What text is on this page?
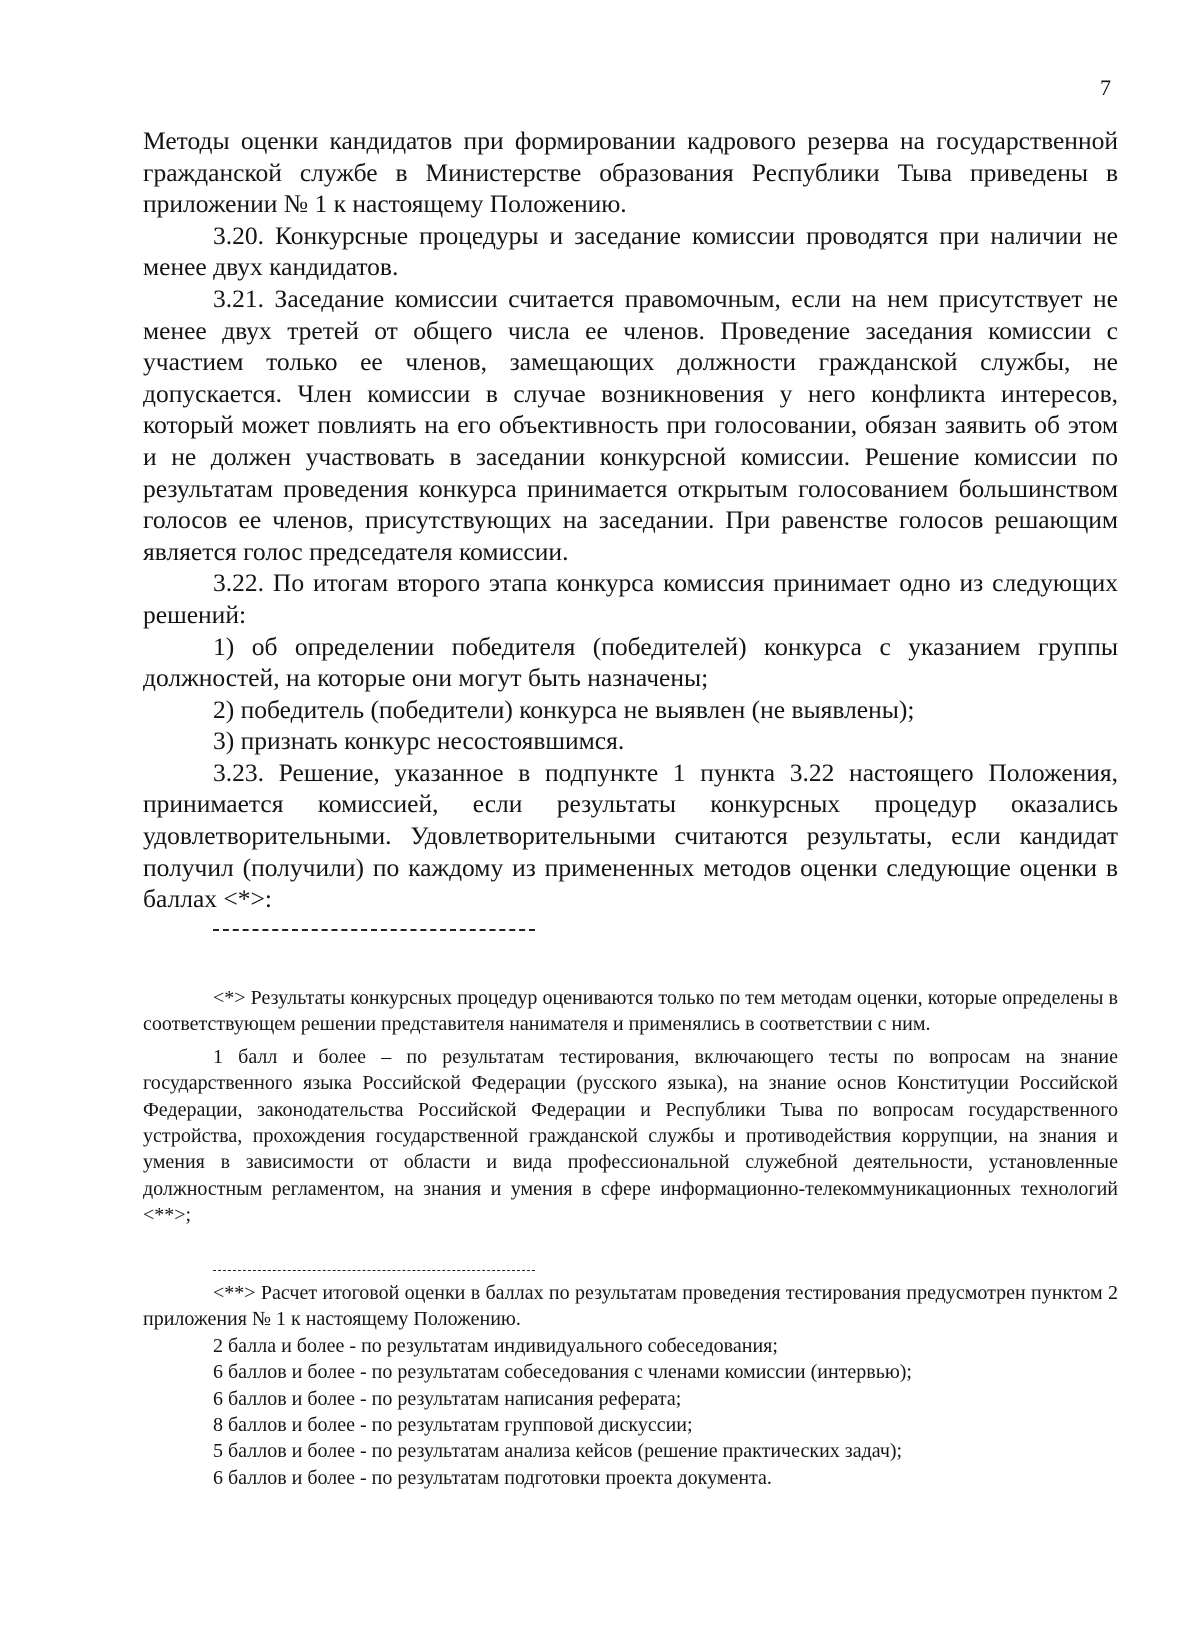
7

Методы оценки кандидатов при формировании кадрового резерва на государственной гражданской службе в Министерстве образования Республики Тыва приведены в приложении № 1 к настоящему Положению.

3.20. Конкурсные процедуры и заседание комиссии проводятся при наличии не менее двух кандидатов.

3.21. Заседание комиссии считается правомочным, если на нем присутствует не менее двух третей от общего числа ее членов. Проведение заседания комиссии с участием только ее членов, замещающих должности гражданской службы, не допускается. Член комиссии в случае возникновения у него конфликта интересов, который может повлиять на его объективность при голосовании, обязан заявить об этом и не должен участвовать в заседании конкурсной комиссии. Решение комиссии по результатам проведения конкурса принимается открытым голосованием большинством голосов ее членов, присутствующих на заседании. При равенстве голосов решающим является голос председателя комиссии.

3.22. По итогам второго этапа конкурса комиссия принимает одно из следующих решений:

1) об определении победителя (победителей) конкурса с указанием группы должностей, на которые они могут быть назначены;

2) победитель (победители) конкурса не выявлен (не выявлены);

3) признать конкурс несостоявшимся.

3.23. Решение, указанное в подпункте 1 пункта 3.22 настоящего Положения, принимается комиссией, если результаты конкурсных процедур оказались удовлетворительными. Удовлетворительными считаются результаты, если кандидат получил (получили) по каждому из примененных методов оценки следующие оценки в баллах <*>:

<*> Результаты конкурсных процедур оцениваются только по тем методам оценки, которые определены в соответствующем решении представителя нанимателя и применялись в соответствии с ним.

1 балл и более – по результатам тестирования, включающего тесты по вопросам на знание государственного языка Российской Федерации (русского языка), на знание основ Конституции Российской Федерации, законодательства Российской Федерации и Республики Тыва по вопросам государственного устройства, прохождения государственной гражданской службы и противодействия коррупции, на знания и умения в зависимости от области и вида профессиональной служебной деятельности, установленные должностным регламентом, на знания и умения в сфере информационно-телекоммуникационных технологий <**>;

<**> Расчет итоговой оценки в баллах по результатам проведения тестирования предусмотрен пунктом 2 приложения № 1 к настоящему Положению.

2 балла и более - по результатам индивидуального собеседования;

6 баллов и более - по результатам собеседования с членами комиссии (интервью);

6 баллов и более - по результатам написания реферата;

8 баллов и более - по результатам групповой дискуссии;

5 баллов и более - по результатам анализа кейсов (решение практических задач);

6 баллов и более - по результатам подготовки проекта документа.
